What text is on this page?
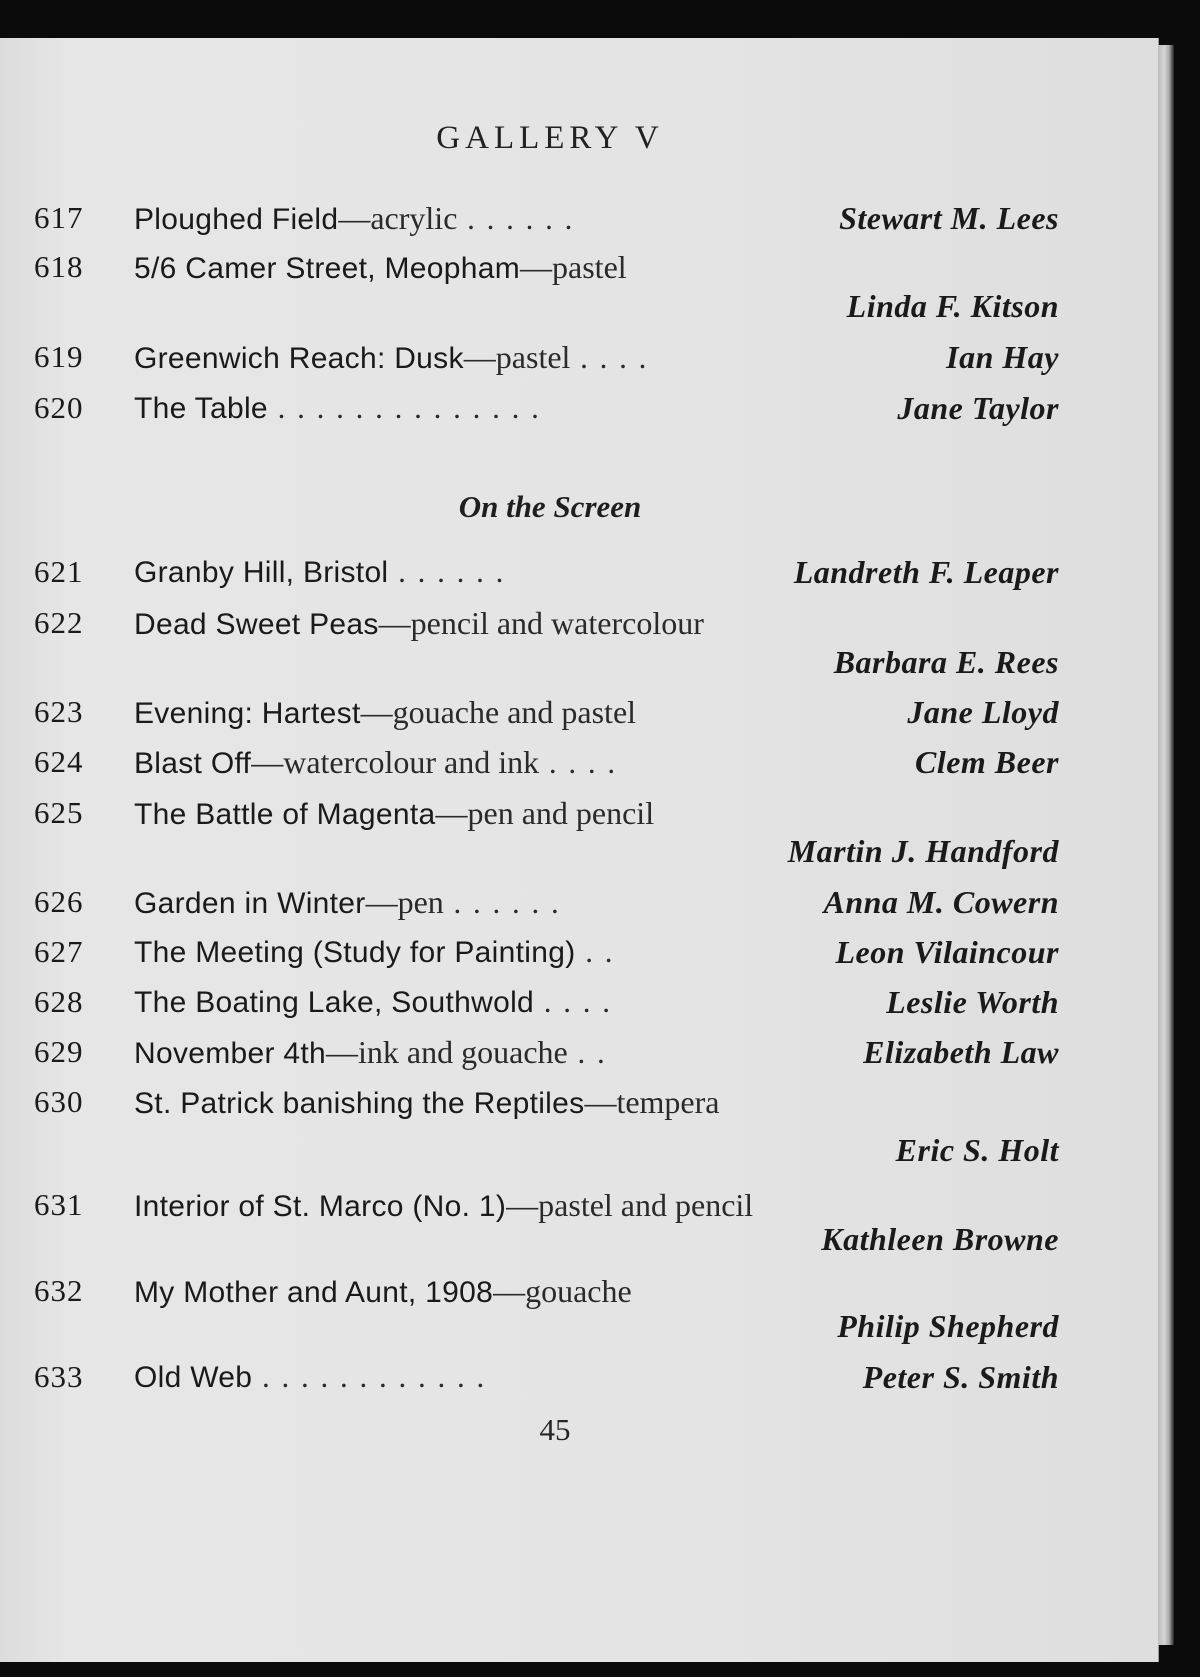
GALLERY V
617	Ploughed Field—acrylic . . . . . .	Stewart M. Lees
618	5/6 Camer Street, Meopham—pastel
Linda F. Kitson
619	Greenwich Reach: Dusk—pastel . . . .	Ian Hay
620	The Table . . . . . . . . . . . . . .	Jane Taylor
On the Screen
621	Granby Hill, Bristol . . . . . .	Landreth F. Leaper
622	Dead Sweet Peas—pencil and watercolour
Barbara E. Rees
623	Evening: Hartest—gouache and pastel	Jane Lloyd
624	Blast Off—watercolour and ink . . . .	Clem Beer
625	The Battle of Magenta—pen and pencil
Martin J. Handford
626	Garden in Winter—pen . . . . . .	Anna M. Cowern
627	The Meeting (Study for Painting) . .	Leon Vilaincour
628	The Boating Lake, Southwold . . . .	Leslie Worth
629	November 4th—ink and gouache . .	Elizabeth Law
630	St. Patrick banishing the Reptiles—tempera
Eric S. Holt
631	Interior of St. Marco (No. 1)—pastel and pencil
Kathleen Browne
632	My Mother and Aunt, 1908—gouache
Philip Shepherd
633	Old Web . . . . . . . . . . . .	Peter S. Smith
45
